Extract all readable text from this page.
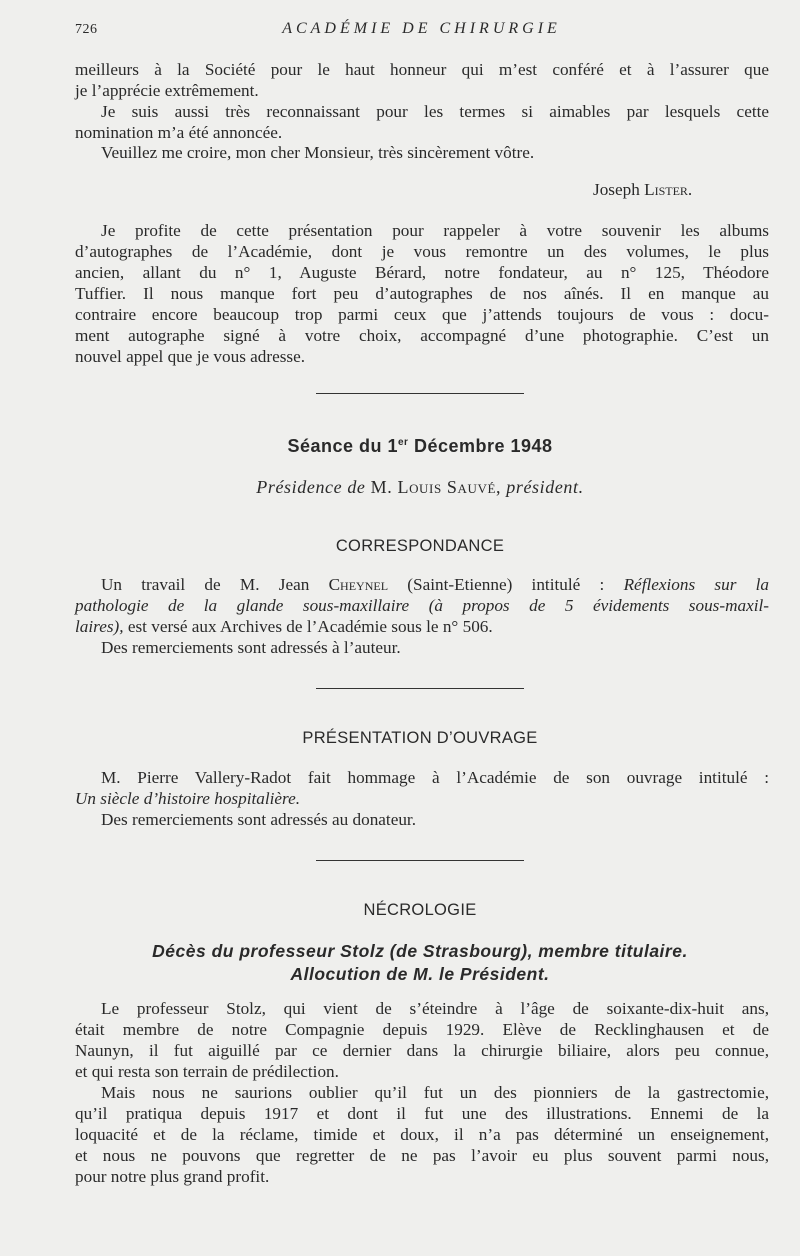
726	ACADÉMIE DE CHIRURGIE
meilleurs à la Société pour le haut honneur qui m’est conféré et à l’assurer que
je l’apprécie extrêmement.
Je suis aussi très reconnaissant pour les termes si aimables par lesquels cette
nomination m’a été annoncée.
Veuillez me croire, mon cher Monsieur, très sincèrement vôtre.
Joseph Lister.
Je profite de cette présentation pour rappeler à votre souvenir les albums
d’autographes de l’Académie, dont je vous remontre un des volumes, le plus
ancien, allant du n° 1, Auguste Bérard, notre fondateur, au n° 125, Théodore
Tuffier. Il nous manque fort peu d’autographes de nos aînés. Il en manque au
contraire encore beaucoup trop parmi ceux que j’attends toujours de vous : docu-
ment autographe signé à votre choix, accompagné d’une photographie. C’est un
nouvel appel que je vous adresse.
Séance du 1er Décembre 1948
Présidence de M. Louis Sauvé, président.
CORRESPONDANCE
Un travail de M. Jean Cheynel (Saint-Etienne) intitulé : Réflexions sur la
pathologie de la glande sous-maxillaire (à propos de 5 évidements sous-maxil-
laires), est versé aux Archives de l’Académie sous le n° 506.
Des remerciements sont adressés à l’auteur.
PRÉSENTATION D’OUVRAGE
M. Pierre Vallery-Radot fait hommage à l’Académie de son ouvrage intitulé :
Un siècle d’histoire hospitalière.
Des remerciements sont adressés au donateur.
NÉCROLOGIE
Décès du professeur Stolz (de Strasbourg), membre titulaire.
Allocution de M. le Président.
Le professeur Stolz, qui vient de s’éteindre à l’âge de soixante-dix-huit ans,
était membre de notre Compagnie depuis 1929. Elève de Recklinghausen et de
Naunyn, il fut aiguillé par ce dernier dans la chirurgie biliaire, alors peu connue,
et qui resta son terrain de prédilection.
Mais nous ne saurions oublier qu’il fut un des pionniers de la gastrectomie,
qu’il pratiqua depuis 1917 et dont il fut une des illustrations. Ennemi de la
loquacité et de la réclame, timide et doux, il n’a pas déterminé un enseignement,
et nous ne pouvons que regretter de ne pas l’avoir eu plus souvent parmi nous,
pour notre plus grand profit.
